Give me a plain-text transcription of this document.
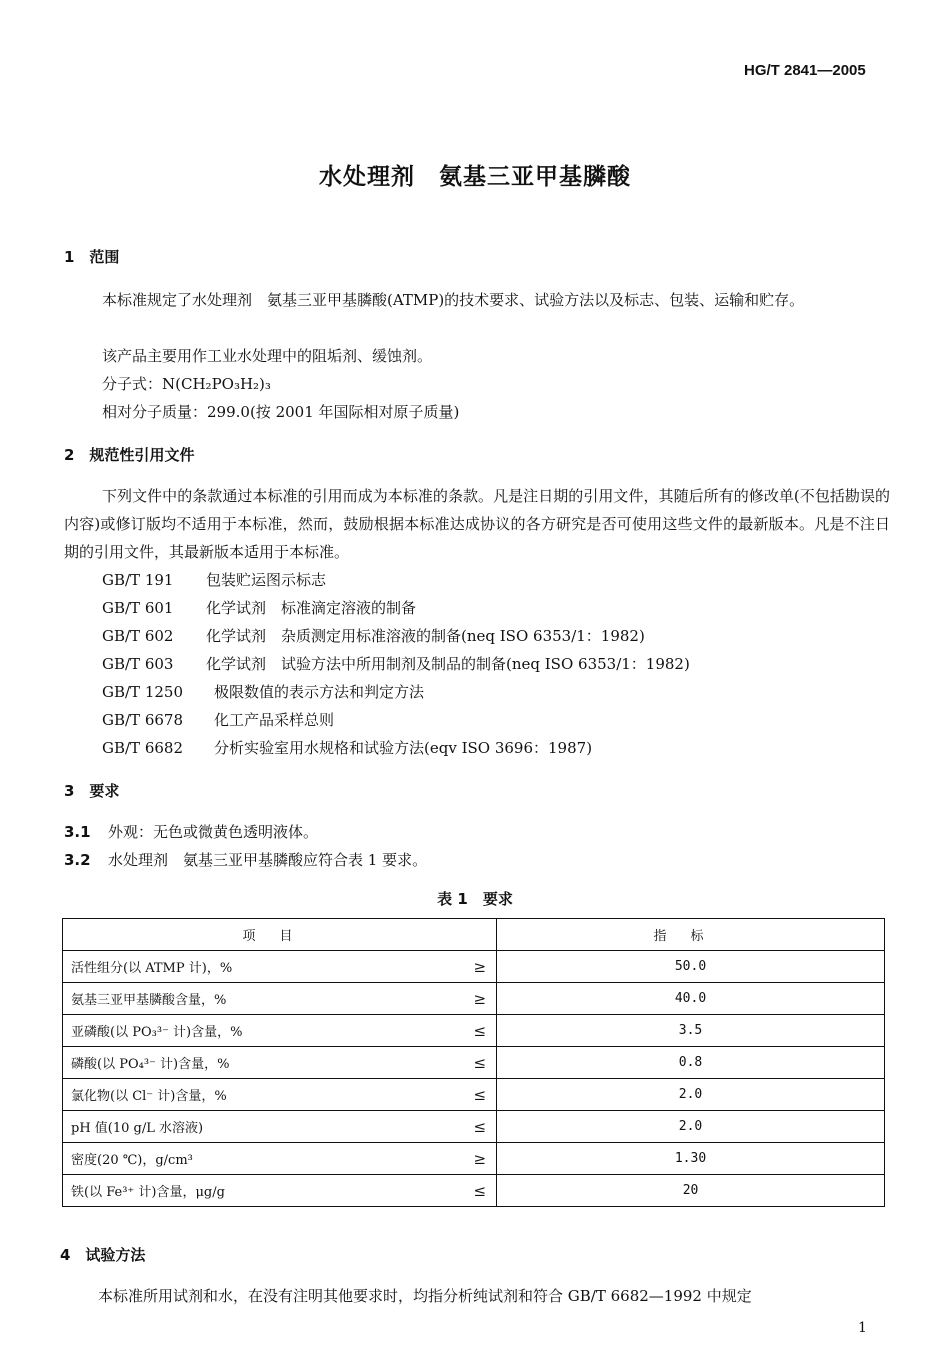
HG/T 2841—2005
水处理剂　氨基三亚甲基膦酸
1　范围
本标准规定了水处理剂　氨基三亚甲基膦酸(ATMP)的技术要求、试验方法以及标志、包装、运输和贮存。
该产品主要用作工业水处理中的阻垢剂、缓蚀剂。
分子式：N(CH₂PO₃H₂)₃
相对分子质量：299.0(按 2001 年国际相对原子质量)
2　规范性引用文件
下列文件中的条款通过本标准的引用而成为本标准的条款。凡是注日期的引用文件，其随后所有的修改单(不包括勘误的内容)或修订版均不适用于本标准，然而，鼓励根据本标准达成协议的各方研究是否可使用这些文件的最新版本。凡是不注日期的引用文件，其最新版本适用于本标准。
GB/T 191 包装贮运图示标志
GB/T 601 化学试剂　标准滴定溶液的制备
GB/T 602 化学试剂　杂质测定用标准溶液的制备(neq ISO 6353/1：1982)
GB/T 603 化学试剂　试验方法中所用制剂及制品的制备(neq ISO 6353/1：1982)
GB/T 1250 极限数值的表示方法和判定方法
GB/T 6678 化工产品采样总则
GB/T 6682 分析实验室用水规格和试验方法(eqv ISO 3696：1987)
3　要求
3.1 外观：无色或微黄色透明液体。
3.2 水处理剂　氨基三亚甲基膦酸应符合表 1 要求。
表 1　要求
项目		指标
活性组分(以 ATMP 计)，%	≥	50.0
氨基三亚甲基膦酸含量，%	≥	40.0
亚磷酸(以 PO₃³⁻ 计)含量，%	≤	3.5
磷酸(以 PO₄³⁻ 计)含量，%	≤	0.8
氯化物(以 Cl⁻ 计)含量，%	≤	2.0
pH 值(10 g/L 水溶液)	≤	2.0
密度(20 ℃)，g/cm³	≥	1.30
铁(以 Fe³⁺ 计)含量，μg/g	≤	20
4　试验方法
本标准所用试剂和水，在没有注明其他要求时，均指分析纯试剂和符合 GB/T 6682—1992 中规定
1
